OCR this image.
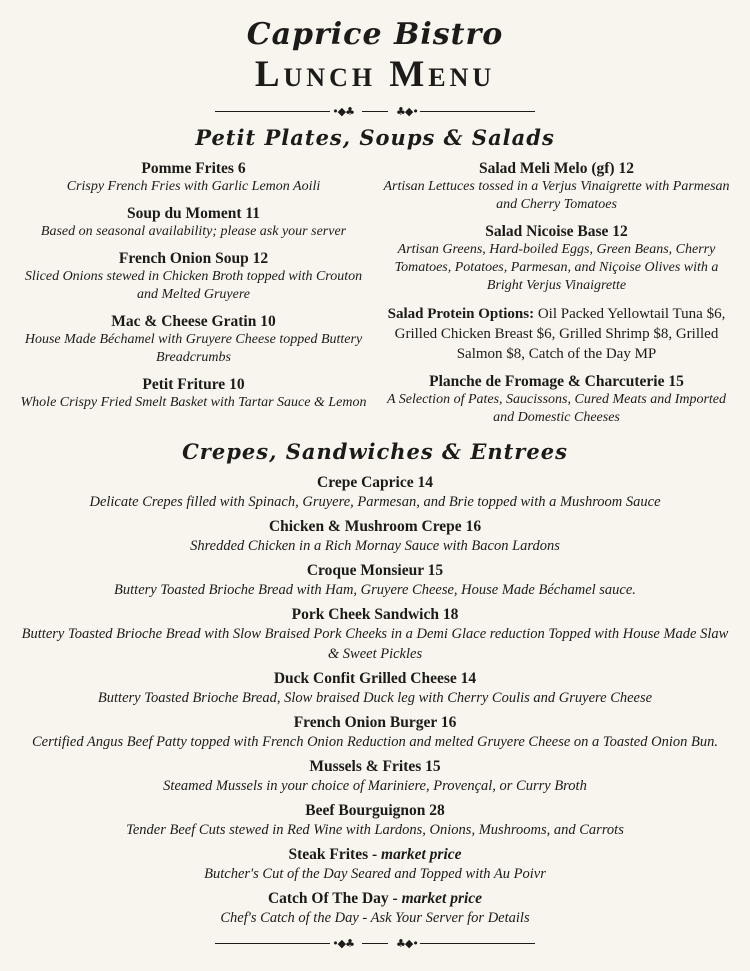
Caprice Bistro
Lunch Menu
•◆♣	♣◆•
Petit Plates, Soups & Salads
Pomme Frites 6
Crispy French Fries with Garlic Lemon Aoili
Soup du Moment 11
Based on seasonal availability; please ask your server
French Onion Soup 12
Sliced Onions stewed in Chicken Broth topped with Crouton and Melted Gruyere
Mac & Cheese Gratin 10
House Made Béchamel with Gruyere Cheese topped Buttery Breadcrumbs
Petit Friture 10
Whole Crispy Fried Smelt Basket with Tartar Sauce & Lemon
Salad Meli Melo (gf) 12
Artisan Lettuces tossed in a Verjus Vinaigrette with Parmesan and Cherry Tomatoes
Salad Nicoise Base 12
Artisan Greens, Hard-boiled Eggs, Green Beans, Cherry Tomatoes, Potatoes, Parmesan, and Niçoise Olives with a Bright Verjus Vinaigrette

Salad Protein Options: Oil Packed Yellowtail Tuna $6, Grilled Chicken Breast $6, Grilled Shrimp $8, Grilled Salmon $8, Catch of the Day MP

Planche de Fromage & Charcuterie 15
A Selection of Pates, Saucissons, Cured Meats and Imported and Domestic Cheeses
Crepes, Sandwiches & Entrees
Crepe Caprice 14
Delicate Crepes filled with Spinach, Gruyere, Parmesan, and Brie topped with a Mushroom Sauce
Chicken & Mushroom Crepe 16
Shredded Chicken in a Rich Mornay Sauce with Bacon Lardons
Croque Monsieur 15
Buttery Toasted Brioche Bread with Ham, Gruyere Cheese, House Made Béchamel sauce.
Pork Cheek Sandwich 18
Buttery Toasted Brioche Bread with Slow Braised Pork Cheeks in a Demi Glace reduction Topped with House Made Slaw & Sweet Pickles
Duck Confit Grilled Cheese 14
Buttery Toasted Brioche Bread, Slow braised Duck leg with Cherry Coulis and Gruyere Cheese
French Onion Burger 16
Certified Angus Beef Patty topped with French Onion Reduction and melted Gruyere Cheese on a Toasted Onion Bun.
Mussels & Frites 15
Steamed Mussels in your choice of Mariniere, Provençal, or Curry Broth
Beef Bourguignon 28
Tender Beef Cuts stewed in Red Wine with Lardons, Onions, Mushrooms, and Carrots
Steak Frites - market price
Butcher's Cut of the Day Seared and Topped with Au Poivr
Catch Of The Day - market price
Chef's Catch of the Day - Ask Your Server for Details
•◆♣	♣◆•
